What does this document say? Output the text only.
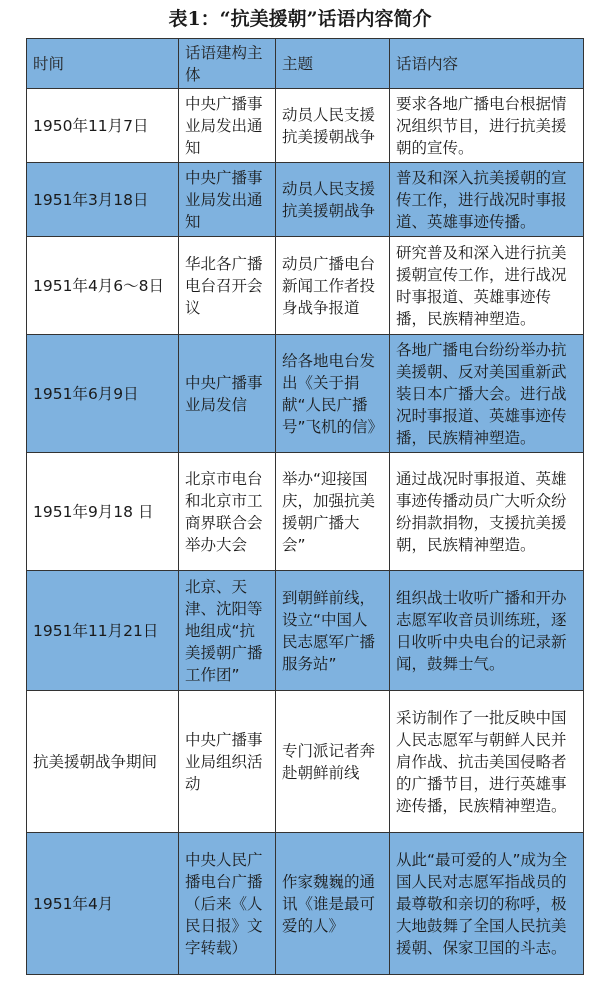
表1：“抗美援朝”话语内容简介
时间	话语建构主体	主题	话语内容
1950年11月7日	中央广播事业局发出通知	动员人民支援抗美援朝战争	要求各地广播电台根据情况组织节目，进行抗美援朝的宣传。
1951年3月18日	中央广播事业局发出通知	动员人民支援抗美援朝战争	普及和深入抗美援朝的宣传工作，进行战况时事报道、英雄事迹传播。
1951年4月6～8日	华北各广播电台召开会议	动员广播电台新闻工作者投身战争报道	研究普及和深入进行抗美援朝宣传工作，进行战况时事报道、英雄事迹传播，民族精神塑造。
1951年6月9日	中央广播事业局发信	给各地电台发出《关于捐献“人民广播号”飞机的信》	各地广播电台纷纷举办抗美援朝、反对美国重新武装日本广播大会。进行战况时事报道、英雄事迹传播，民族精神塑造。
1951年9月18 日	北京市电台和北京市工商界联合会举办大会	举办“迎接国庆，加强抗美援朝广播大会”	通过战况时事报道、英雄事迹传播动员广大听众纷纷捐款捐物，支援抗美援朝，民族精神塑造。
1951年11月21日	北京、天津、沈阳等地组成“抗美援朝广播工作团”	到朝鲜前线，设立“中国人民志愿军广播服务站”	组织战士收听广播和开办志愿军收音员训练班，逐日收听中央电台的记录新闻，鼓舞士气。
抗美援朝战争期间	中央广播事业局组织活动	专门派记者奔赴朝鲜前线	采访制作了一批反映中国人民志愿军与朝鲜人民并肩作战、抗击美国侵略者的广播节目，进行英雄事迹传播，民族精神塑造。
1951年4月	中央人民广播电台广播（后来《人民日报》文字转载）	作家魏巍的通讯《谁是最可爱的人》	从此“最可爱的人”成为全国人民对志愿军指战员的最尊敬和亲切的称呼，极大地鼓舞了全国人民抗美援朝、保家卫国的斗志。
